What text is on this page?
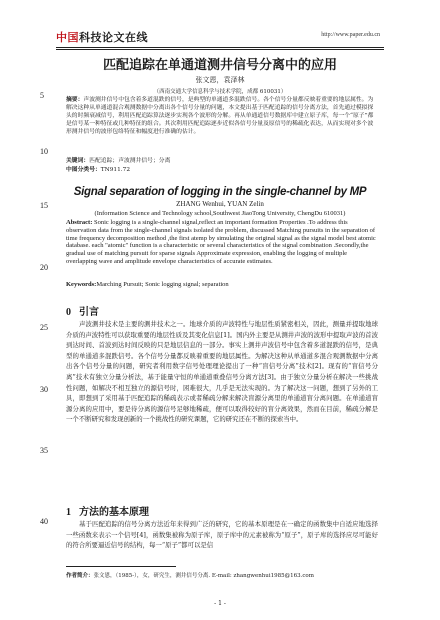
中国科技论文在线	http://www.paper.edu.cn
5
10
15
20
25
30
35
40
匹配追踪在单通道测井信号分离中的应用
张文恩，袁泽林
（西南交通大学信息科学与技术学院，成都 610031）
摘要：声波测井信号中包含着多道混跌的信号，是典型的单通道多混跌信号。各个信号分量都反映着重要的地层属性。为解决这种从单通道混合观测数据中分离出各个信号分量的问题，本文提出基于匹配追踪的信号分离方法，首先通过模拟探头的时频衰减信号，利用匹配追踪算法逐步实现各个波形的分解。再从单通道信号数据库中建立原子库，每一个“原子”都是信号某一种特征或几种特征的组合。其次利用匹配追踪逐步近似各信号分量及原信号的稀疏化表达，从而实现对多个波形测井信号的波形包络特征和幅度进行准确的估计。
关键词：匹配追踪；声波测井信号；分离
中图分类号：TN911.72
Signal separation of logging in the single-channel by MP
ZHANG Wenhui, YUAN Zelin
(Information Science and Technology school,Southwest JiaoTong University, ChengDu 610031)
Abstract: Sonic logging is a single-channel signal,reflect an important formation Properties .To address this observation data from the single-channel signals isolated the problem, discussed Matching pursuits in the separation of time frequency decomposition method ,the first atemp by simulating the original signal as the signal model best atomic database. each "atomic" function is a characteristic or several characteristics of the signal combination .Secondly,the gradual use of matching pursuit for sparse signals Approximate expression, enabling the logging of multiple overlapping wave and amplitude envelope characteristics of accurate estimates.
Keywords:Marching Pursuit; Sonic logging signal; separation
0 引言

声波测井技术是主要的测井技术之一。地球介质的声波特性与地层性质紧密相关，因此，测量并提取地球介质的声波特性可以获取重要的地层性质及其变化信息[1]。国内外主要是从测井声波的波形中提取声波的首波到达时间、首波到达时间反映的只是地层信息的一部分。事实上测井声波信号中包含着多道混跌的信号，是典型的单通道多混跌信号。各个信号分量都反映着重要的地层属性。为解决这种从单通道多混合观测数据中分离出各个信号分量的问题，研究者利用数字信号处理理论提出了一种“盲信号分离”技术[2]。现有的“盲信号分离”技术有独立分量分析法，基于能量守恒的单通道重叠信号分离方法[3]。由于独立分量分析在解决一些挑战性问题，如解决不相互独立的源信号时，困难很大，几乎是无法实现的。为了解决这一问题，想到了另外的工具，即想到了采用基于匹配追踪的稀疏表示或者稀疏分解来解决盲源分离里的单通道盲分离问题。在单通道盲源分离的应用中，要是待分离的源信号足够地稀疏，便可以取得较好的盲分离效果，然而在目前，稀疏分解是一个不断研究和发现创新的一个挑战性的研究课题，它的研究还在不断的探索当中。

1 方法的基本原理

基于匹配追踪的信号分离方法近年来得到广泛的研究，它的基本原理是在一确定的函数集中自适应地选择一些函数来表示一个信号[4]，函数集被称为原子库，原子库中的元素被称为“原子”，原子库的选择应尽可能好的符合所要逼近信号的结构，每一“原子”都可以是信

作者简介：张文恩，（1985-），女，研究生，测井信号分离. E-mail: zhangwenhui1985@163.com
- 1 -
